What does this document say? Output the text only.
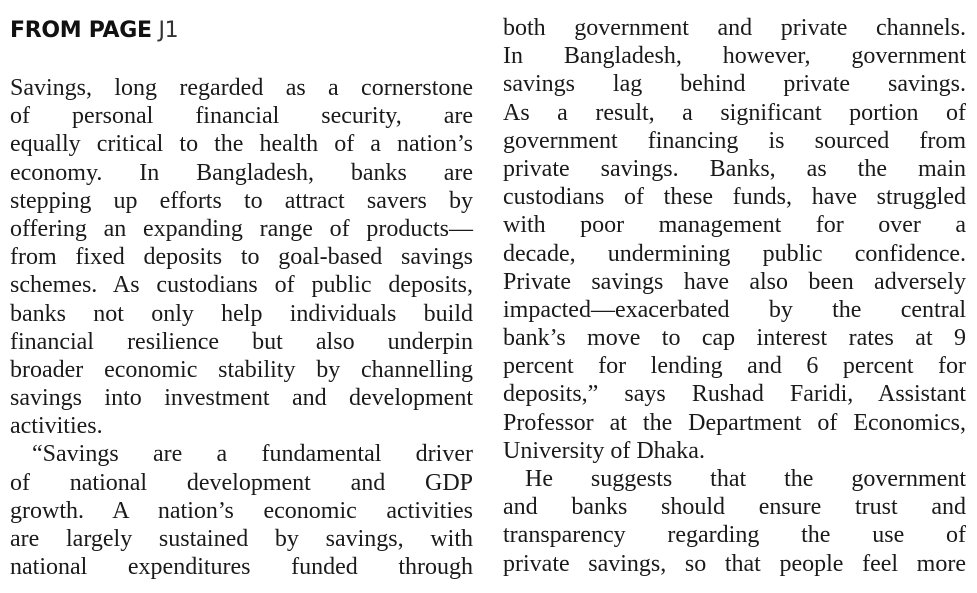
FROM PAGE J1
Savings, long regarded as a cornerstone
of personal financial security, are
equally critical to the health of a nation’s
economy. In Bangladesh, banks are
stepping up efforts to attract savers by
offering an expanding range of products—
from fixed deposits to goal-based savings
schemes. As custodians of public deposits,
banks not only help individuals build
financial resilience but also underpin
broader economic stability by channelling
savings into investment and development
activities.
“Savings are a fundamental driver
of national development and GDP
growth. A nation’s economic activities
are largely sustained by savings, with
national expenditures funded through
both government and private channels.
In Bangladesh, however, government
savings lag behind private savings.
As a result, a significant portion of
government financing is sourced from
private savings. Banks, as the main
custodians of these funds, have struggled
with poor management for over a
decade, undermining public confidence.
Private savings have also been adversely
impacted—exacerbated by the central
bank’s move to cap interest rates at 9
percent for lending and 6 percent for
deposits,” says Rushad Faridi, Assistant
Professor at the Department of Economics,
University of Dhaka.
He suggests that the government
and banks should ensure trust and
transparency regarding the use of
private savings, so that people feel more
